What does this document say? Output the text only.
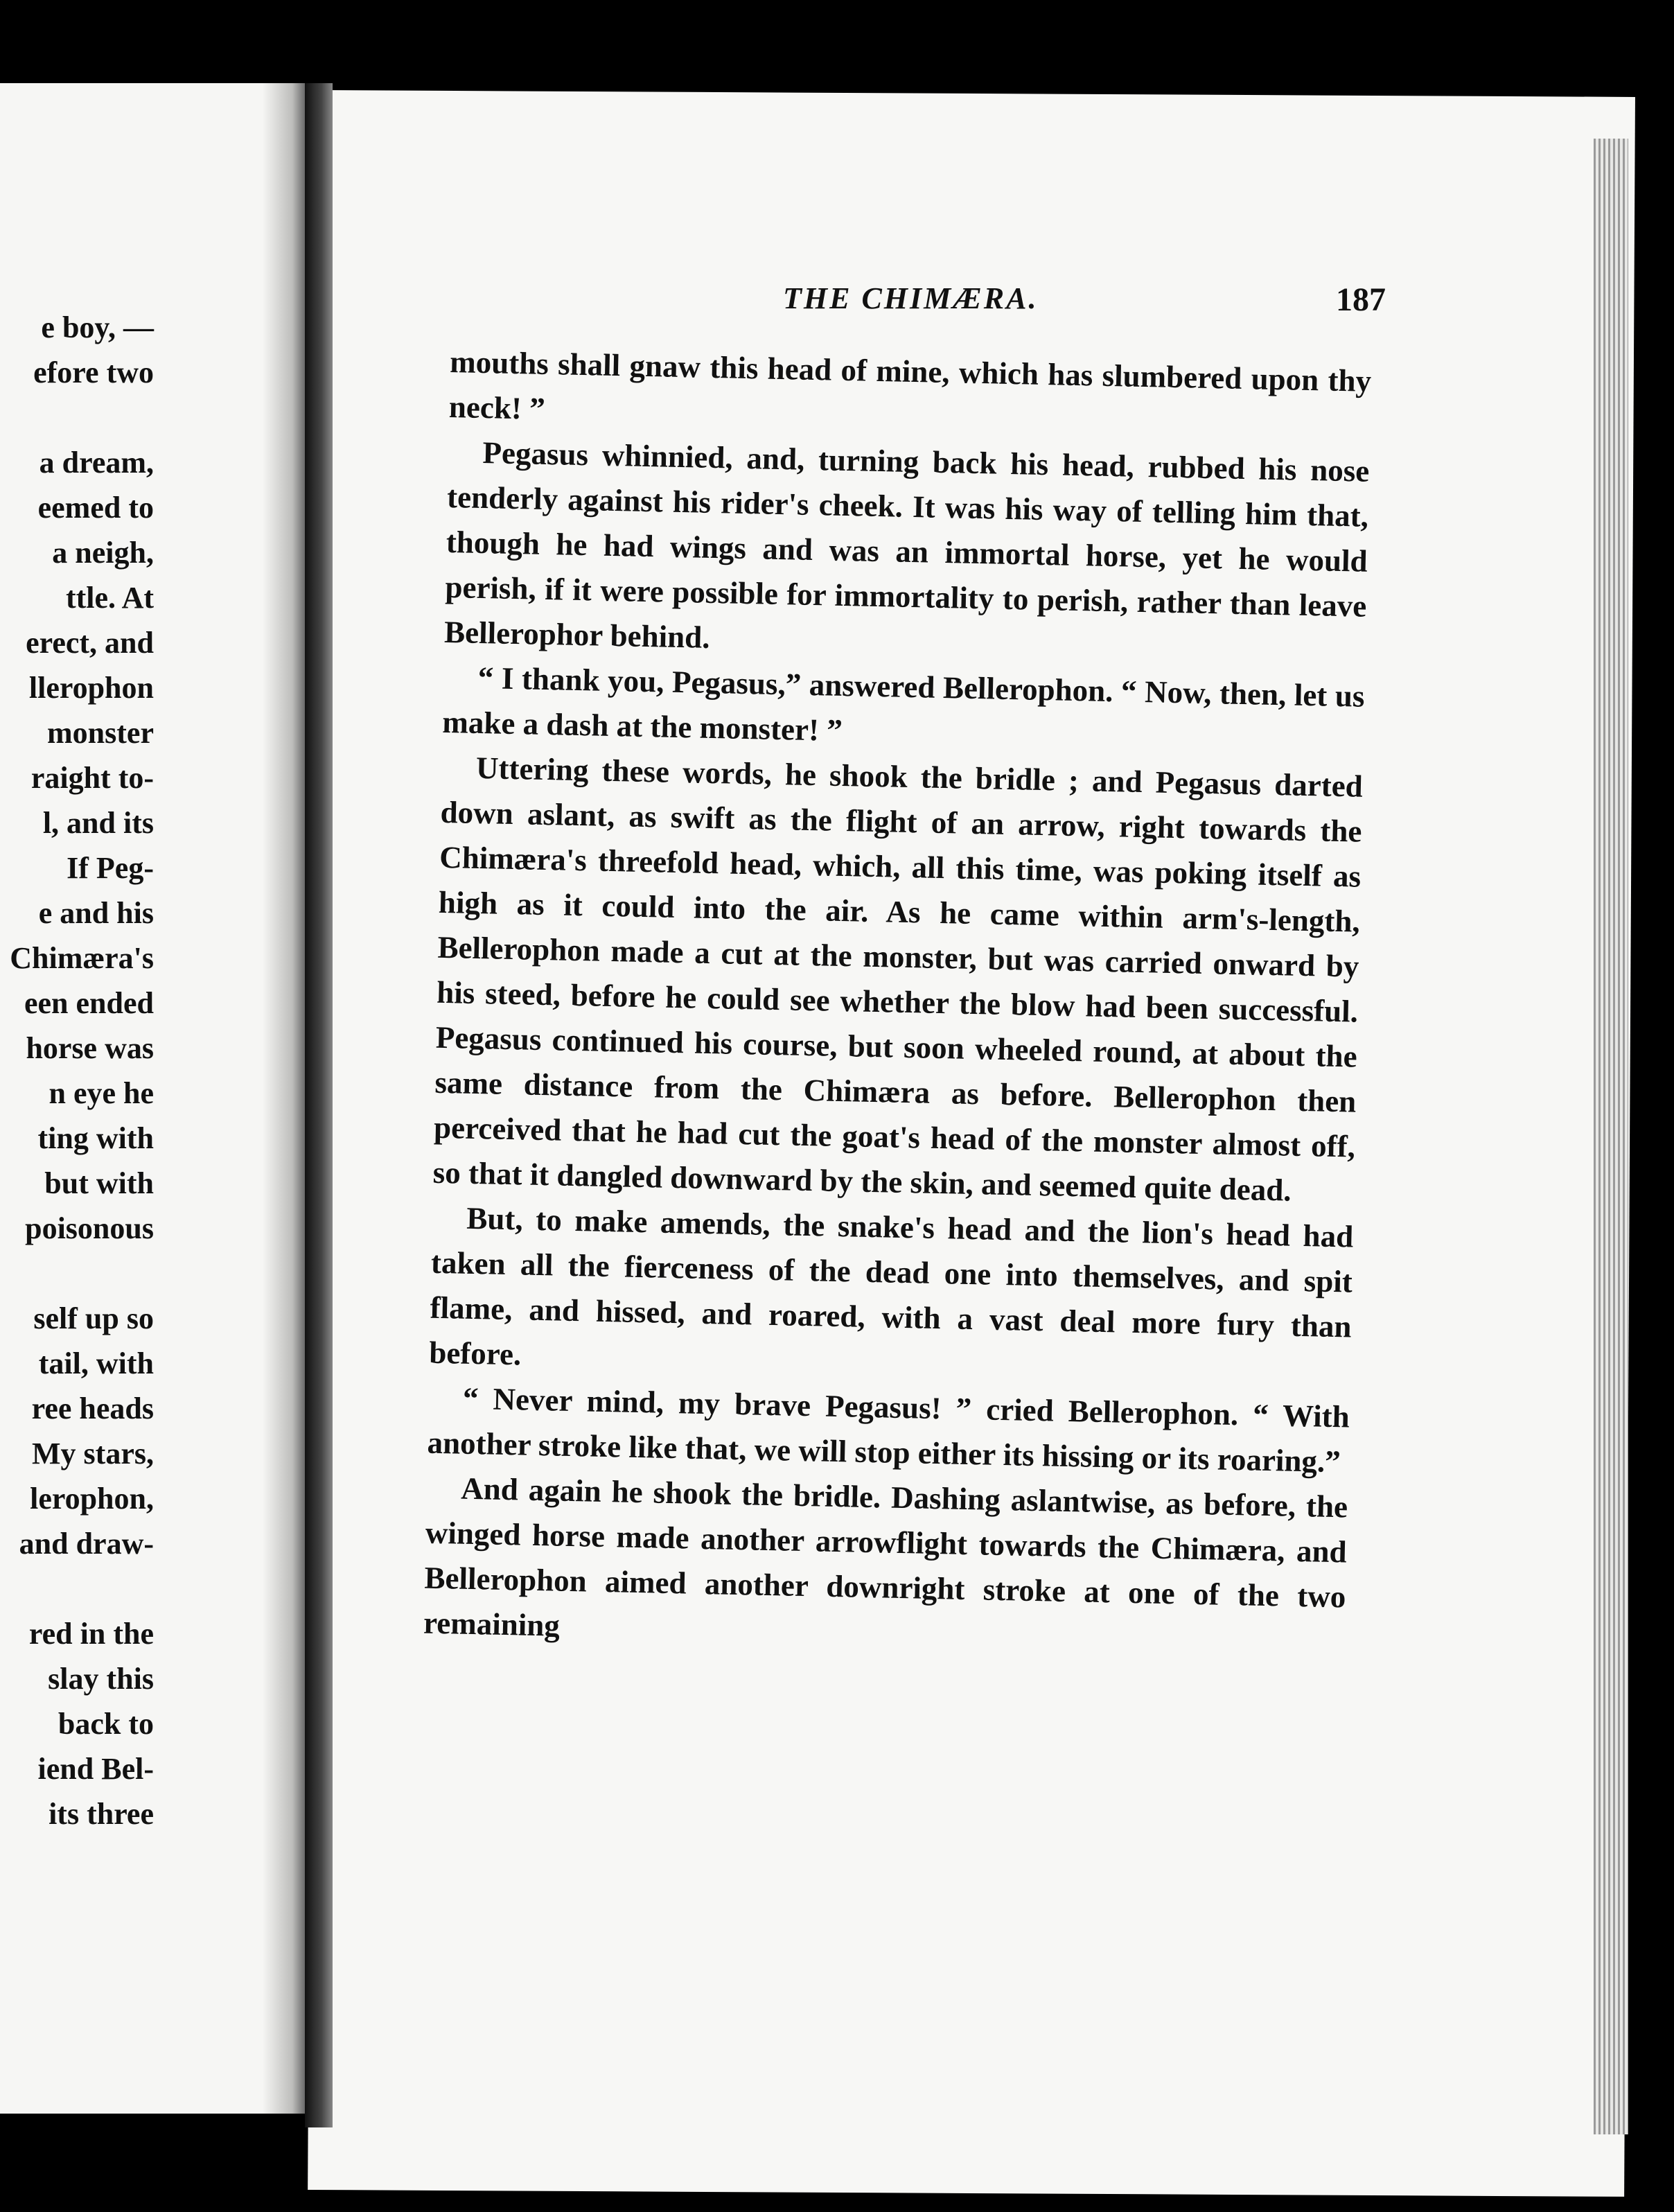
e boy, —
efore two
a dream,
eemed to
a neigh,
ttle. At
erect, and
llerophon
monster
raight to-
l, and its
If Peg-
e and his
Chimæra's
een ended
horse was
n eye he
ting with
but with
poisonous
self up so
tail, with
ree heads
My stars,
lerophon,
and draw-
red in the
slay this
back to
iend Bel-
its three
THE CHIMÆRA.	187

mouths shall gnaw this head of mine, which has slumbered upon thy neck! ”

Pegasus whinnied, and, turning back his head, rubbed his nose tenderly against his rider's cheek. It was his way of telling him that, though he had wings and was an immortal horse, yet he would perish, if it were possible for immortality to perish, rather than leave Bellerophor behind.

“ I thank you, Pegasus,” answered Bellerophon. “ Now, then, let us make a dash at the monster! ”

Uttering these words, he shook the bridle ; and Pegasus darted down aslant, as swift as the flight of an arrow, right towards the Chimæra's threefold head, which, all this time, was poking itself as high as it could into the air. As he came within arm's-length, Bellerophon made a cut at the monster, but was carried onward by his steed, before he could see whether the blow had been successful. Pegasus continued his course, but soon wheeled round, at about the same distance from the Chimæra as before. Bellerophon then perceived that he had cut the goat's head of the monster almost off, so that it dangled downward by the skin, and seemed quite dead.

But, to make amends, the snake's head and the lion's head had taken all the fierceness of the dead one into themselves, and spit flame, and hissed, and roared, with a vast deal more fury than before.

“ Never mind, my brave Pegasus! ” cried Bellerophon. “ With another stroke like that, we will stop either its hissing or its roaring.”

And again he shook the bridle. Dashing aslantwise, as before, the winged horse made another arrowflight towards the Chimæra, and Bellerophon aimed another downright stroke at one of the two remaining
